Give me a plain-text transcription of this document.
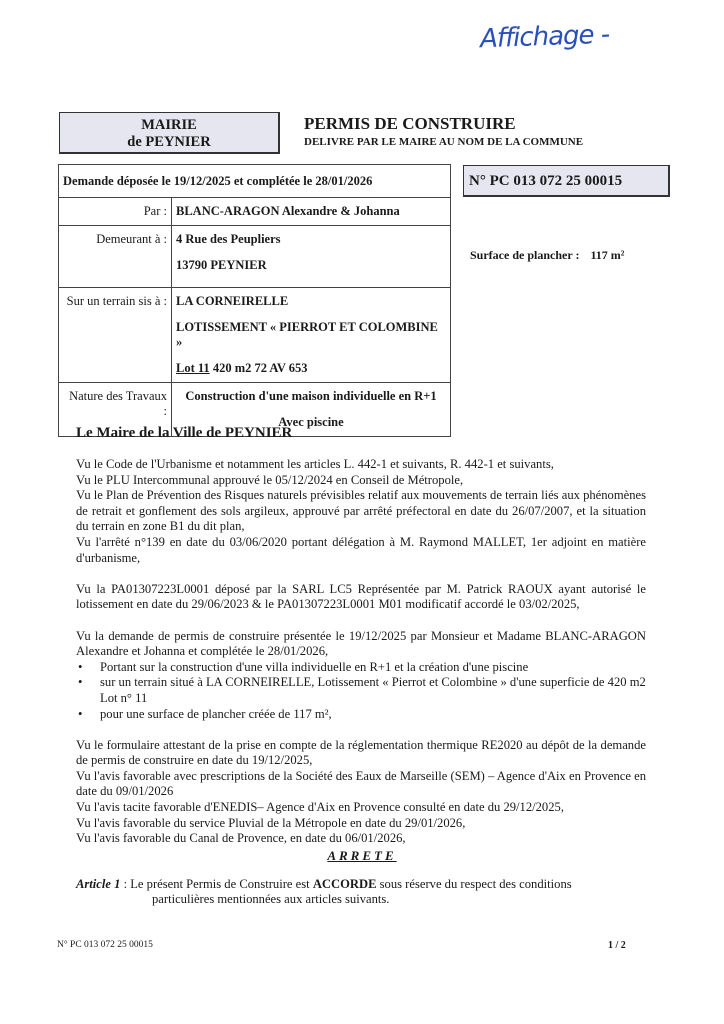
Affichage -
MAIRIE
de PEYNIER
PERMIS DE CONSTRUIRE
DELIVRE PAR LE MAIRE AU NOM DE LA COMMUNE
Demande déposée le 19/12/2025 et complétée le 28/01/2026	
Par :	BLANC-ARAGON Alexandre & Johanna

Demeurant à :	4 Rue des Peupliers
13790 PEYNIER

Sur un terrain sis à :	LA CORNEIRELLE
LOTISSEMENT « PIERROT ET COLOMBINE »
Lot 11 420 m2 72 AV 653

Nature des Travaux :	Construction d'une maison individuelle en R+1
Avec piscine
N° PC 013 072 25 00015
Surface de plancher : 117 m²
Le Maire de la Ville de PEYNIER

Vu le Code de l'Urbanisme et notamment les articles L. 442-1 et suivants, R. 442-1 et suivants,

Vu le PLU Intercommunal approuvé le 05/12/2024 en Conseil de Métropole,

Vu le Plan de Prévention des Risques naturels prévisibles relatif aux mouvements de terrain liés aux phénomènes de retrait et gonflement des sols argileux, approuvé par arrêté préfectoral en date du 26/07/2007, et la situation du terrain en zone B1 du dit plan,

Vu l'arrêté n°139 en date du 03/06/2020 portant délégation à M. Raymond MALLET, 1er adjoint en matière d'urbanisme,

Vu la PA01307223L0001 déposé par la SARL LC5 Représentée par M. Patrick RAOUX ayant autorisé le lotissement en date du 29/06/2023 & le PA01307223L0001 M01 modificatif accordé le 03/02/2025,

Vu la demande de permis de construire présentée le 19/12/2025 par Monsieur et Madame BLANC-ARAGON Alexandre et Johanna et complétée le 28/01/2026,

• Portant sur la construction d'une villa individuelle en R+1 et la création d'une piscine
• sur un terrain situé à LA CORNEIRELLE, Lotissement « Pierrot et Colombine » d'une superficie de 420 m2 Lot n° 11
• pour une surface de plancher créée de 117 m²,

Vu le formulaire attestant de la prise en compte de la réglementation thermique RE2020 au dépôt de la demande de permis de construire en date du 19/12/2025,

Vu l'avis favorable avec prescriptions de la Société des Eaux de Marseille (SEM) – Agence d'Aix en Provence en date du 09/01/2026

Vu l'avis tacite favorable d'ENEDIS– Agence d'Aix en Provence consulté en date du 29/12/2025,

Vu l'avis favorable du service Pluvial de la Métropole en date du 29/01/2026,

Vu l'avis favorable du Canal de Provence, en date du 06/01/2026,

ARRETE
Article 1 : Le présent Permis de Construire est ACCORDE sous réserve du respect des conditions
particulières mentionnées aux articles suivants.
N° PC 013 072 25 00015	1 / 2
